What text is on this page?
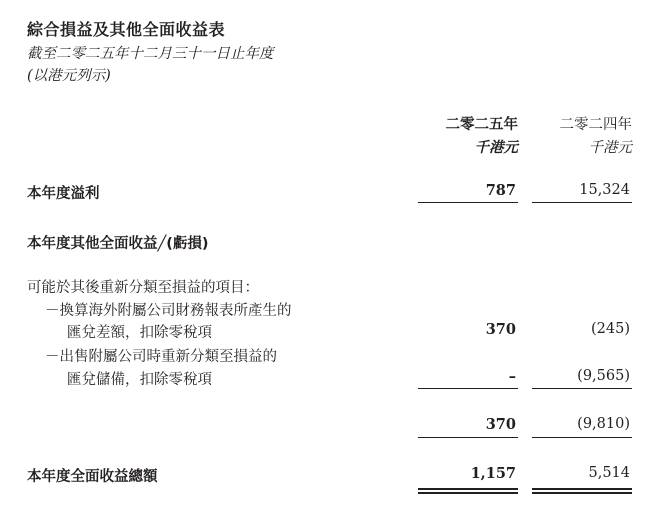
綜合損益及其他全面收益表
截至二零二五年十二月三十一日止年度
(以港元列示)
二零二五年	二零二四年
千港元	千港元
本年度溢利	787	15,324
本年度其他全面收益╱(虧損)
可能於其後重新分類至損益的項目：
－換算海外附屬公司財務報表所產生的
匯兌差額，扣除零稅項	370	(245)
－出售附屬公司時重新分類至損益的
匯兌儲備，扣除零稅項	–	(9,565)
370	(9,810)
本年度全面收益總額	1,157	5,514
